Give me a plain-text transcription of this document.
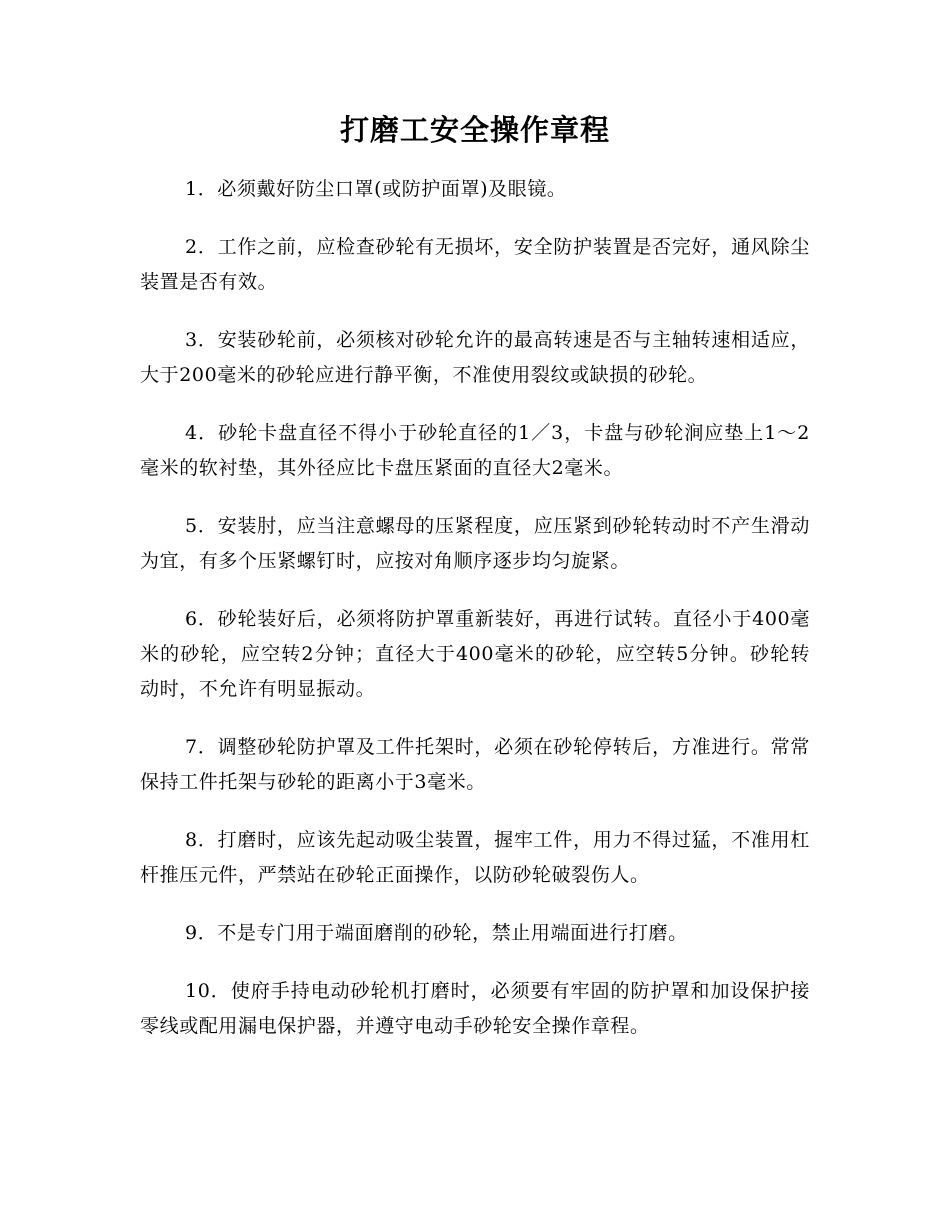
打磨工安全操作章程

1．必须戴好防尘口罩(或防护面罩)及眼镜。

2．工作之前，应检查砂轮有无损坏，安全防护装置是否完好，通风除尘装置是否有效。

3．安装砂轮前，必须核对砂轮允许的最高转速是否与主轴转速相适应，大于200毫米的砂轮应进行静平衡，不准使用裂纹或缺损的砂轮。

4．砂轮卡盘直径不得小于砂轮直径的1／3，卡盘与砂轮涧应垫上1～2毫米的软衬垫，其外径应比卡盘压紧面的直径大2毫米。

5．安装肘，应当注意螺母的压紧程度，应压紧到砂轮转动时不产生滑动为宜，有多个压紧螺钉时，应按对角顺序逐步均匀旋紧。

6．砂轮装好后，必须将防护罩重新装好，再进行试转。直径小于400毫米的砂轮，应空转2分钟；直径大于400毫米的砂轮，应空转5分钟。砂轮转动时，不允许有明显振动。

7．调整砂轮防护罩及工件托架时，必须在砂轮停转后，方准进行。常常保持工件托架与砂轮的距离小于3毫米。

8．打磨时，应该先起动吸尘装置，握牢工件，用力不得过猛，不准用杠杆推压元件，严禁站在砂轮正面操作，以防砂轮破裂伤人。

9．不是专门用于端面磨削的砂轮，禁止用端面进行打磨。

10．使府手持电动砂轮机打磨时，必须要有牢固的防护罩和加设保护接零线或配用漏电保护器，并遵守电动手砂轮安全操作章程。
